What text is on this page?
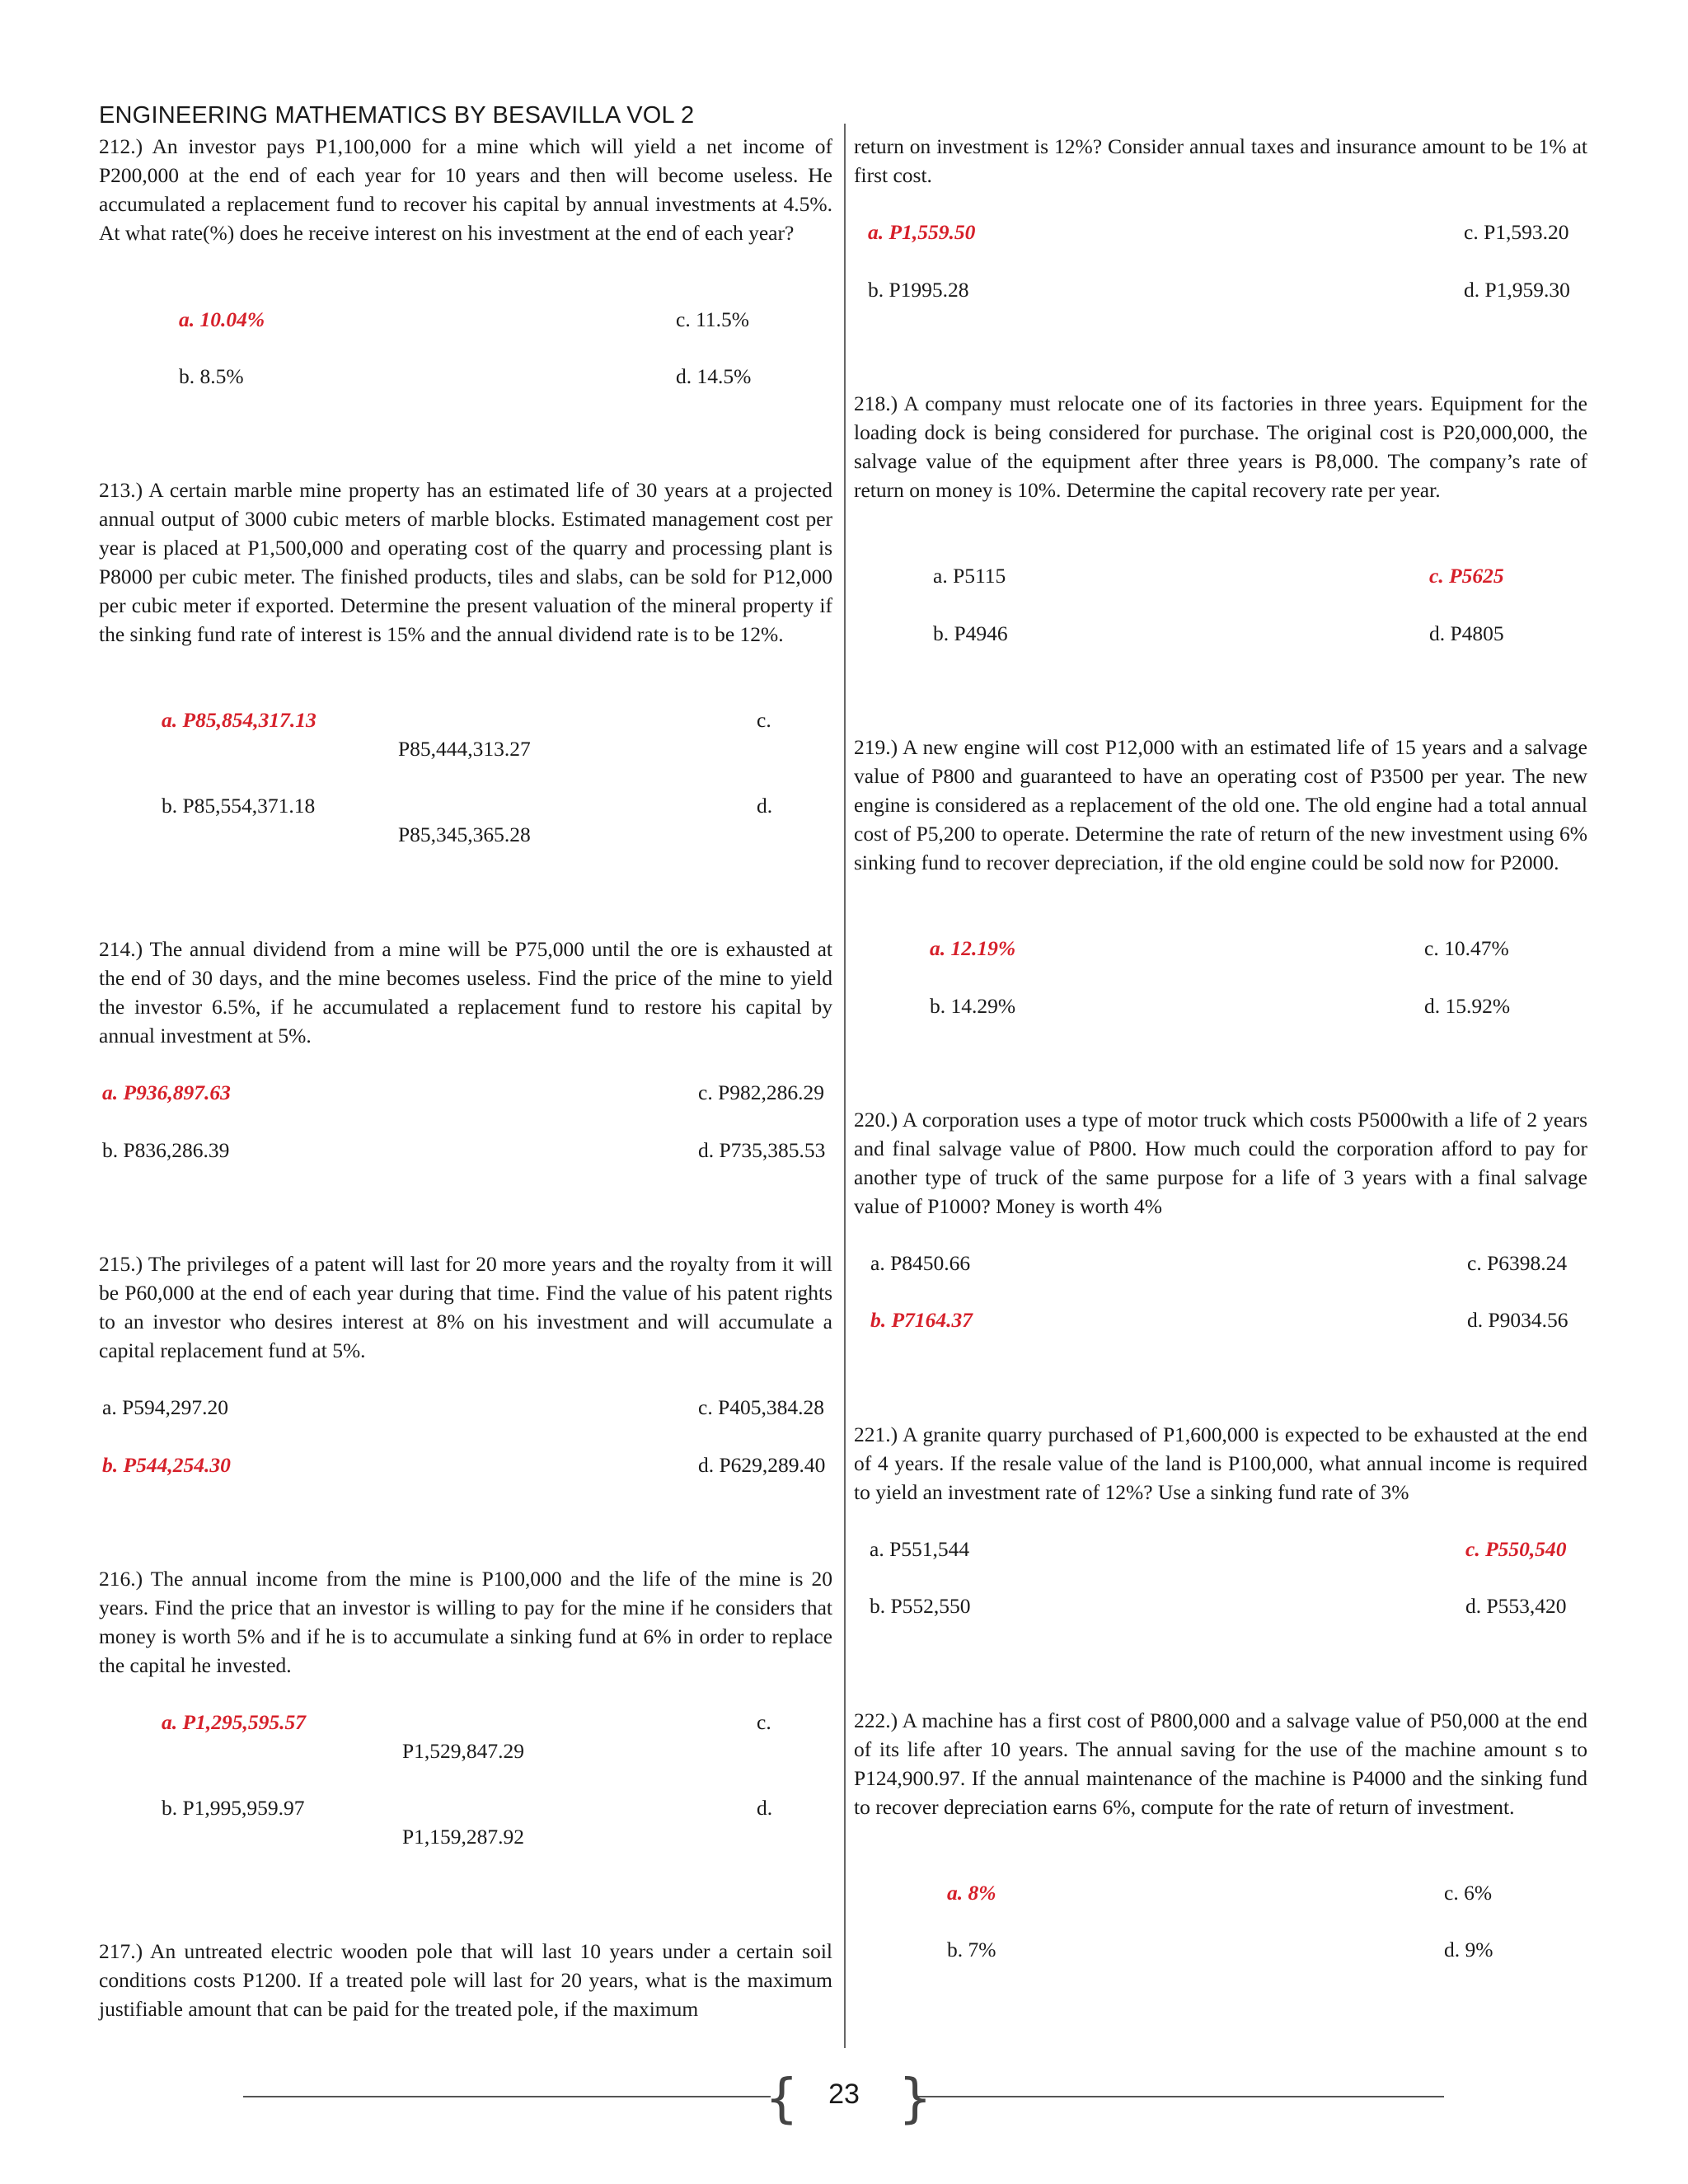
ENGINEERING MATHEMATICS BY BESAVILLA VOL 2
212.) An investor pays P1,100,000 for a mine which will yield a net income of P200,000 at the end of each year for 10 years and then will become useless. He accumulated a replacement fund to recover his capital by annual investments at 4.5%. At what rate(%) does he receive interest on his investment at the end of each year?
a. 10.04%	c. 11.5%
b. 8.5%	d. 14.5%
213.) A certain marble mine property has an estimated life of 30 years at a projected annual output of 3000 cubic meters of marble blocks. Estimated management cost per year is placed at P1,500,000 and operating cost of the quarry and processing plant is P8000 per cubic meter. The finished products, tiles and slabs, can be sold for P12,000 per cubic meter if exported. Determine the present valuation of the mineral property if the sinking fund rate of interest is 15% and the annual dividend rate is to be 12%.
a. P85,854,317.13	c.
P85,444,313.27
b. P85,554,371.18	d.
P85,345,365.28
214.) The annual dividend from a mine will be P75,000 until the ore is exhausted at the end of 30 days, and the mine becomes useless. Find the price of the mine to yield the investor 6.5%, if he accumulated a replacement fund to restore his capital by annual investment at 5%.
a. P936,897.63	c. P982,286.29
b. P836,286.39	d. P735,385.53
215.) The privileges of a patent will last for 20 more years and the royalty from it will be P60,000 at the end of each year during that time. Find the value of his patent rights to an investor who desires interest at 8% on his investment and will accumulate a capital replacement fund at 5%.
a. P594,297.20	c. P405,384.28
b. P544,254.30	d. P629,289.40
216.) The annual income from the mine is P100,000 and the life of the mine is 20 years. Find the price that an investor is willing to pay for the mine if he considers that money is worth 5% and if he is to accumulate a sinking fund at 6% in order to replace the capital he invested.
a. P1,295,595.57	c.
P1,529,847.29
b. P1,995,959.97	d.
P1,159,287.92
217.) An untreated electric wooden pole that will last 10 years under a certain soil conditions costs P1200. If a treated pole will last for 20 years, what is the maximum justifiable amount that can be paid for the treated pole, if the maximum
return on investment is 12%? Consider annual taxes and insurance amount to be 1% at first cost.
a. P1,559.50	c. P1,593.20
b. P1995.28	d. P1,959.30
218.) A company must relocate one of its factories in three years. Equipment for the loading dock is being considered for purchase. The original cost is P20,000,000, the salvage value of the equipment after three years is P8,000. The company’s rate of return on money is 10%. Determine the capital recovery rate per year.
a. P5115	c. P5625
b. P4946	d. P4805
219.) A new engine will cost P12,000 with an estimated life of 15 years and a salvage value of P800 and guaranteed to have an operating cost of P3500 per year. The new engine is considered as a replacement of the old one. The old engine had a total annual cost of P5,200 to operate. Determine the rate of return of the new investment using 6% sinking fund to recover depreciation, if the old engine could be sold now for P2000.
a. 12.19%	c. 10.47%
b. 14.29%	d. 15.92%
220.) A corporation uses a type of motor truck which costs P5000with a life of 2 years and final salvage value of P800. How much could the corporation afford to pay for another type of truck of the same purpose for a life of 3 years with a final salvage value of P1000? Money is worth 4%
a. P8450.66	c. P6398.24
b. P7164.37	d. P9034.56
221.) A granite quarry purchased of P1,600,000 is expected to be exhausted at the end of 4 years. If the resale value of the land is P100,000, what annual income is required to yield an investment rate of 12%? Use a sinking fund rate of 3%
a. P551,544	c. P550,540
b. P552,550	d. P553,420
222.) A machine has a first cost of P800,000 and a salvage value of P50,000 at the end of its life after 10 years. The annual saving for the use of the machine amount s to P124,900.97. If the annual maintenance of the machine is P4000 and the sinking fund to recover depreciation earns 6%, compute for the rate of return of investment.
a. 8%	c. 6%
b. 7%	d. 9%
{ }
23
